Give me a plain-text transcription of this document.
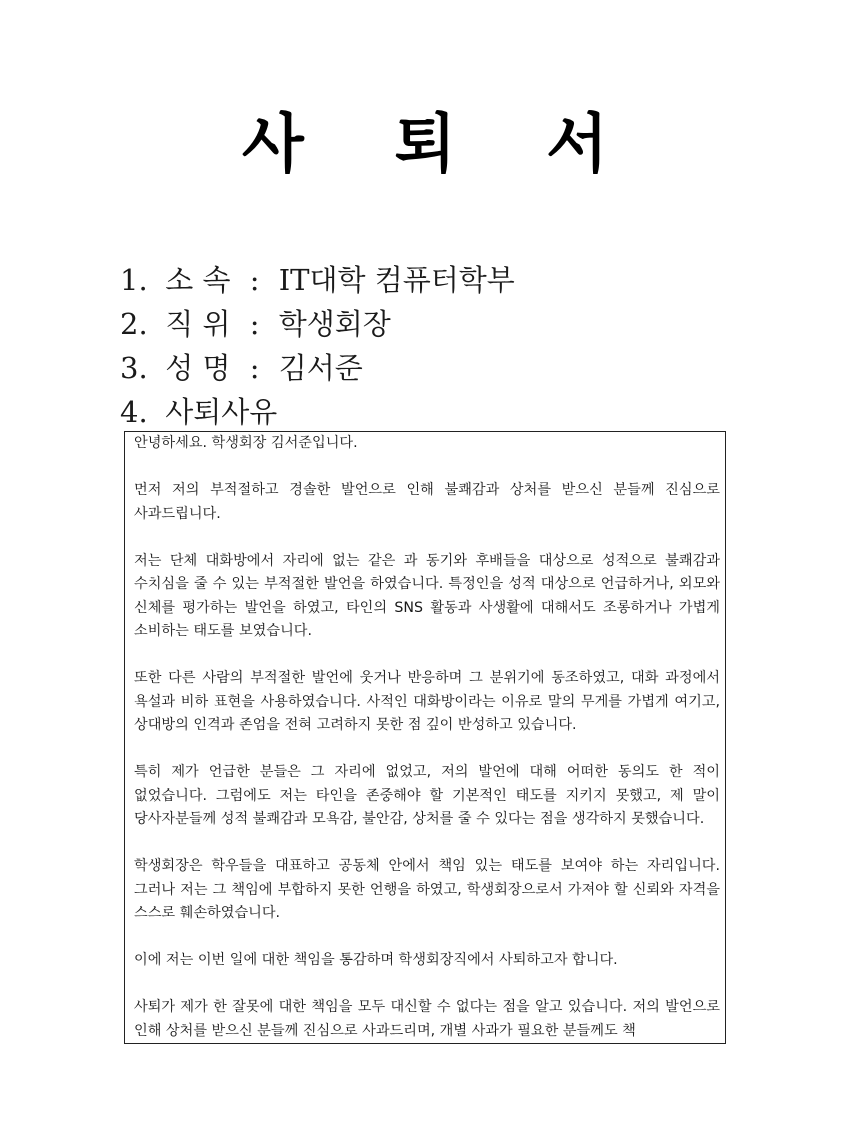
사 퇴 서
1. 소 속 : IT대학 컴퓨터학부
2. 직 위 : 학생회장
3. 성 명 : 김서준
4. 사퇴사유

안녕하세요. 학생회장 김서준입니다.

먼저 저의 부적절하고 경솔한 발언으로 인해 불쾌감과 상처를 받으신 분들께 진심으로 사과드립니다.

저는 단체 대화방에서 자리에 없는 같은 과 동기와 후배들을 대상으로 성적으로 불쾌감과 수치심을 줄 수 있는 부적절한 발언을 하였습니다. 특정인을 성적 대상으로 언급하거나, 외모와 신체를 평가하는 발언을 하였고, 타인의 SNS 활동과 사생활에 대해서도 조롱하거나 가볍게 소비하는 태도를 보였습니다.

또한 다른 사람의 부적절한 발언에 웃거나 반응하며 그 분위기에 동조하였고, 대화 과정에서 욕설과 비하 표현을 사용하였습니다. 사적인 대화방이라는 이유로 말의 무게를 가볍게 여기고, 상대방의 인격과 존엄을 전혀 고려하지 못한 점 깊이 반성하고 있습니다.

특히 제가 언급한 분들은 그 자리에 없었고, 저의 발언에 대해 어떠한 동의도 한 적이 없었습니다. 그럼에도 저는 타인을 존중해야 할 기본적인 태도를 지키지 못했고, 제 말이 당사자분들께 성적 불쾌감과 모욕감, 불안감, 상처를 줄 수 있다는 점을 생각하지 못했습니다.

학생회장은 학우들을 대표하고 공동체 안에서 책임 있는 태도를 보여야 하는 자리입니다. 그러나 저는 그 책임에 부합하지 못한 언행을 하였고, 학생회장으로서 가져야 할 신뢰와 자격을 스스로 훼손하였습니다.

이에 저는 이번 일에 대한 책임을 통감하며 학생회장직에서 사퇴하고자 합니다.

사퇴가 제가 한 잘못에 대한 책임을 모두 대신할 수 없다는 점을 알고 있습니다. 저의 발언으로 인해 상처를 받으신 분들께 진심으로 사과드리며, 개별 사과가 필요한 분들께도 책
